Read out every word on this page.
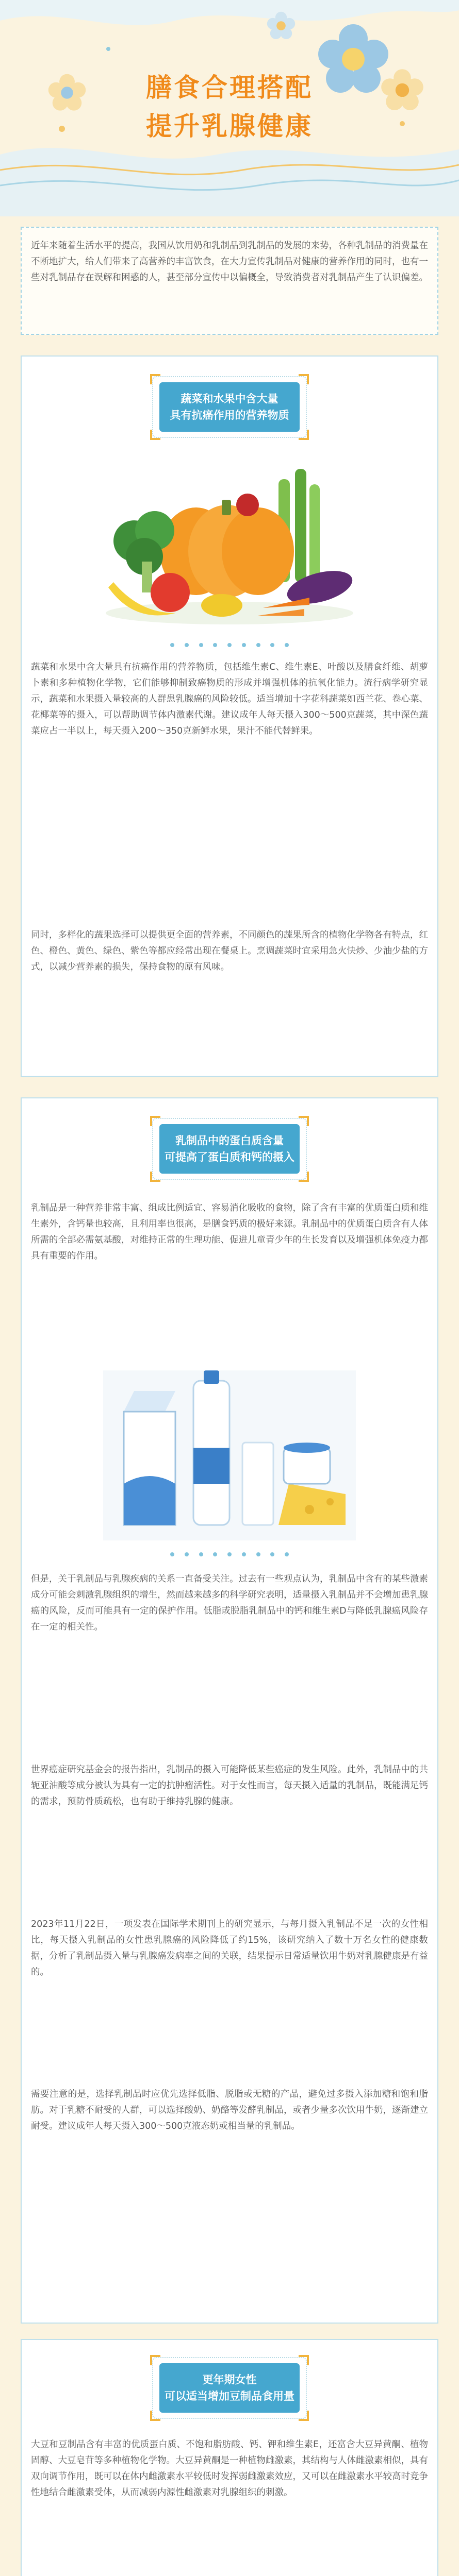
膳食合理搭配
提升乳腺健康

近年来随着生活水平的提高，我国从饮用奶和乳制品到乳制品的发展的来势，各种乳制品的消费量在不断地扩大，给人们带来了高营养的丰富饮食，在大力宣传乳制品对健康的营养作用的同时，也有一些对乳制品存在误解和困惑的人，甚至部分宣传中以偏概全，导致消费者对乳制品产生了认识偏差。

蔬菜和水果中含大量
具有抗癌作用的营养物质

蔬菜和水果中含大量具有抗癌作用的营养物质，包括维生素C、维生素E、叶酸以及膳食纤维、胡萝卜素和多种植物化学物，它们能够抑制致癌物质的形成并增强机体的抗氧化能力。流行病学研究显示，蔬菜和水果摄入量较高的人群患乳腺癌的风险较低。适当增加十字花科蔬菜如西兰花、卷心菜、花椰菜等的摄入，可以帮助调节体内激素代谢。建议成年人每天摄入300～500克蔬菜，其中深色蔬菜应占一半以上，每天摄入200～350克新鲜水果，果汁不能代替鲜果。

同时，多样化的蔬果选择可以提供更全面的营养素，不同颜色的蔬果所含的植物化学物各有特点，红色、橙色、黄色、绿色、紫色等都应经常出现在餐桌上。烹调蔬菜时宜采用急火快炒、少油少盐的方式，以减少营养素的损失，保持食物的原有风味。

乳制品中的蛋白质含量
可提高了蛋白质和钙的摄入

乳制品是一种营养非常丰富、组成比例适宜、容易消化吸收的食物，除了含有丰富的优质蛋白质和维生素外，含钙量也较高，且利用率也很高，是膳食钙质的极好来源。乳制品中的优质蛋白质含有人体所需的全部必需氨基酸，对维持正常的生理功能、促进儿童青少年的生长发育以及增强机体免疫力都具有重要的作用。

但是，关于乳制品与乳腺疾病的关系一直备受关注。过去有一些观点认为，乳制品中含有的某些激素成分可能会刺激乳腺组织的增生，然而越来越多的科学研究表明，适量摄入乳制品并不会增加患乳腺癌的风险，反而可能具有一定的保护作用。低脂或脱脂乳制品中的钙和维生素D与降低乳腺癌风险存在一定的相关性。

世界癌症研究基金会的报告指出，乳制品的摄入可能降低某些癌症的发生风险。此外，乳制品中的共轭亚油酸等成分被认为具有一定的抗肿瘤活性。对于女性而言，每天摄入适量的乳制品，既能满足钙的需求，预防骨质疏松，也有助于维持乳腺的健康。

2023年11月22日，一项发表在国际学术期刊上的研究显示，与每月摄入乳制品不足一次的女性相比，每天摄入乳制品的女性患乳腺癌的风险降低了约15%，该研究纳入了数十万名女性的健康数据，分析了乳制品摄入量与乳腺癌发病率之间的关联，结果提示日常适量饮用牛奶对乳腺健康是有益的。

需要注意的是，选择乳制品时应优先选择低脂、脱脂或无糖的产品，避免过多摄入添加糖和饱和脂肪。对于乳糖不耐受的人群，可以选择酸奶、奶酪等发酵乳制品，或者少量多次饮用牛奶，逐渐建立耐受。建议成年人每天摄入300～500克液态奶或相当量的乳制品。

更年期女性
可以适当增加豆制品食用量

大豆和豆制品含有丰富的优质蛋白质、不饱和脂肪酸、钙、钾和维生素E，还富含大豆异黄酮、植物固醇、大豆皂苷等多种植物化学物。大豆异黄酮是一种植物雌激素，其结构与人体雌激素相似，具有双向调节作用，既可以在体内雌激素水平较低时发挥弱雌激素效应，又可以在雌激素水平较高时竞争性地结合雌激素受体，从而减弱内源性雌激素对乳腺组织的刺激。
